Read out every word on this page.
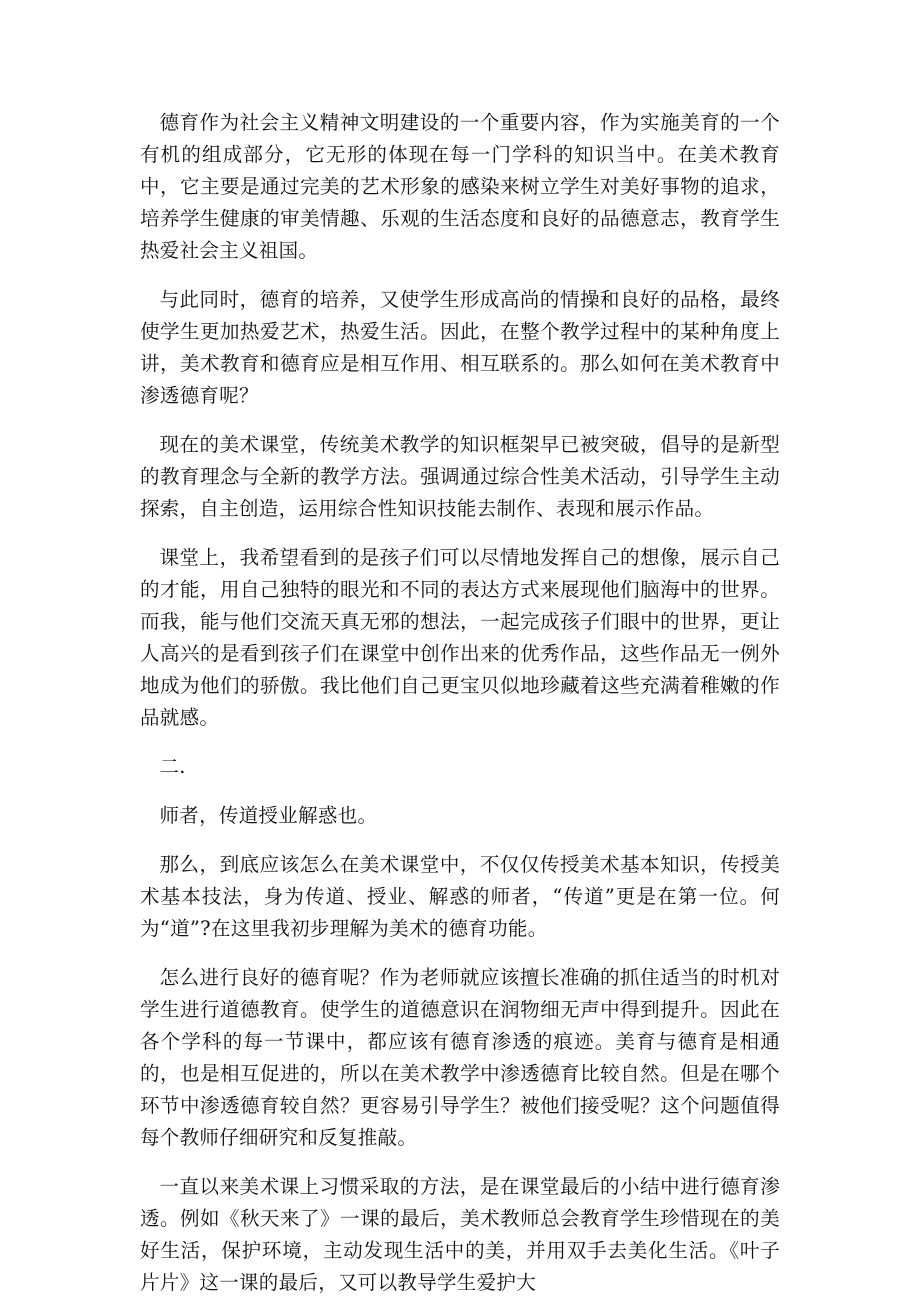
德育作为社会主义精神文明建设的一个重要内容，作为实施美育的一个有机的组成部分，它无形的体现在每一门学科的知识当中。在美术教育中，它主要是通过完美的艺术形象的感染来树立学生对美好事物的追求，培养学生健康的审美情趣、乐观的生活态度和良好的品德意志，教育学生热爱社会主义祖国。

与此同时，德育的培养，又使学生形成高尚的情操和良好的品格，最终使学生更加热爱艺术，热爱生活。因此，在整个教学过程中的某种角度上讲，美术教育和德育应是相互作用、相互联系的。那么如何在美术教育中渗透德育呢？

现在的美术课堂，传统美术教学的知识框架早已被突破，倡导的是新型的教育理念与全新的教学方法。强调通过综合性美术活动，引导学生主动探索，自主创造，运用综合性知识技能去制作、表现和展示作品。

课堂上，我希望看到的是孩子们可以尽情地发挥自己的想像，展示自己的才能，用自己独特的眼光和不同的表达方式来展现他们脑海中的世界。而我，能与他们交流天真无邪的想法，一起完成孩子们眼中的世界，更让人高兴的是看到孩子们在课堂中创作出来的优秀作品，这些作品无一例外地成为他们的骄傲。我比他们自己更宝贝似地珍藏着这些充满着稚嫩的作品就感。

二.

师者，传道授业解惑也。

那么，到底应该怎么在美术课堂中，不仅仅传授美术基本知识，传授美术基本技法，身为传道、授业、解惑的师者，“传道”更是在第一位。何为“道”?在这里我初步理解为美术的德育功能。

怎么进行良好的德育呢？作为老师就应该擅长准确的抓住适当的时机对学生进行道德教育。使学生的道德意识在润物细无声中得到提升。因此在各个学科的每一节课中，都应该有德育渗透的痕迹。美育与德育是相通的，也是相互促进的，所以在美术教学中渗透德育比较自然。但是在哪个环节中渗透德育较自然？更容易引导学生？被他们接受呢？这个问题值得每个教师仔细研究和反复推敲。

一直以来美术课上习惯采取的方法，是在课堂最后的小结中进行德育渗透。例如《秋天来了》一课的最后，美术教师总会教育学生珍惜现在的美好生活，保护环境，主动发现生活中的美，并用双手去美化生活。《叶子片片》这一课的最后，又可以教导学生爱护大
